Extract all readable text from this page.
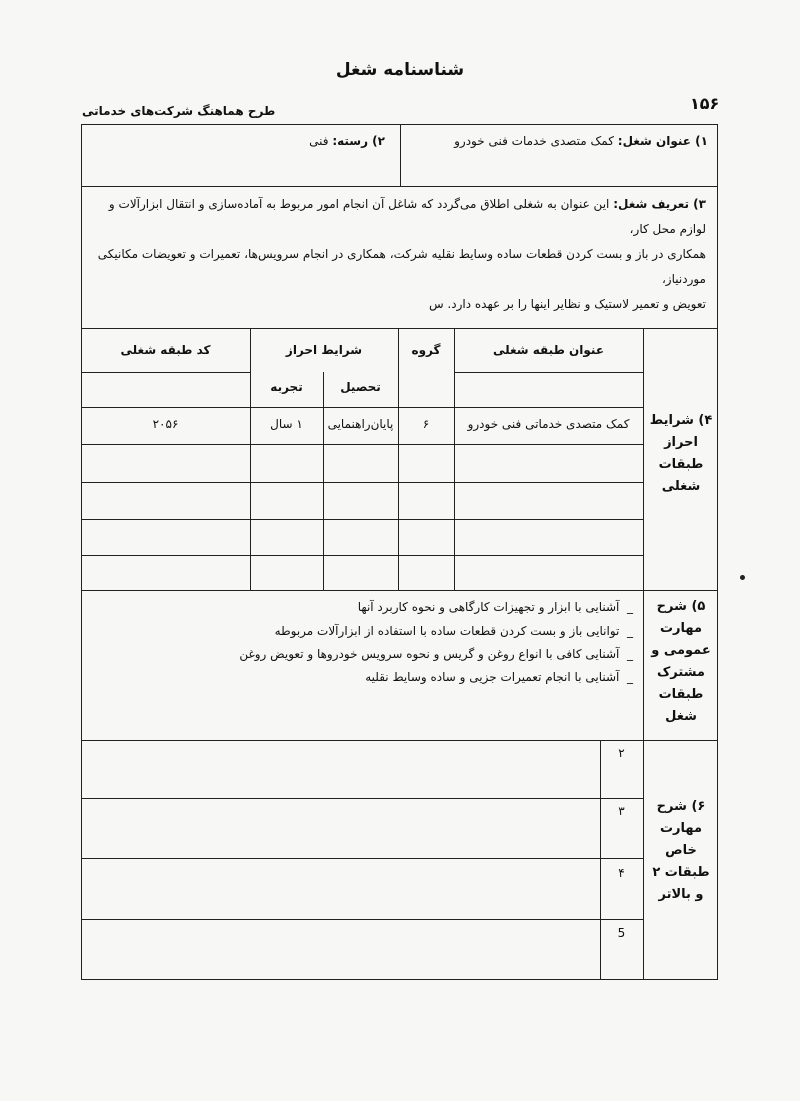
شناسنامه شغل
طرح هماهنگ شرکت‌های خدماتی	۱۵۶
۱) عنوان شغل: کمک متصدی خدمات فنی خودرو
۲) رسته: فنی
۳) تعریف شغل: این عنوان به شغلی اطلاق می‌گردد که شاغل آن انجام امور مربوط به آماده‌سازی و انتقال ابزارآلات و لوازم محل کار،
همکاری در باز و بست کردن قطعات ساده وسایط نقلیه شرکت، همکاری در انجام سرویس‌ها، تعمیرات و تعویضات مکانیکی موردنیاز،
تعویض و تعمیر لاستیک و نظایر اینها را بر عهده دارد. س
۴) شرایط
احراز
طبقات
شغلی
عنوان طبقه شغلی
گروه
شرایط احراز
تحصیل
تجربه
کد طبقه شغلی
کمک متصدی خدماتی فنی خودرو
۶
پایان‌راهنمایی
۱ سال
۲۰۵۶
۵) شرح
مهارت
عمومی و
مشترک
طبقات
شغل
_  آشنایی با ابزار و تجهیزات کارگاهی و نحوه کاربرد آنها
_  توانایی باز و بست کردن قطعات ساده با استفاده از ابزارآلات مربوطه
_  آشنایی کافی با انواع روغن و گریس و نحوه سرویس خودروها و تعویض روغن
_  آشنایی با انجام تعمیرات جزیی و ساده وسایط نقلیه
۶) شرح
مهارت
خاص
طبقات ۲
و بالاتر
۲
۳
۴
5
